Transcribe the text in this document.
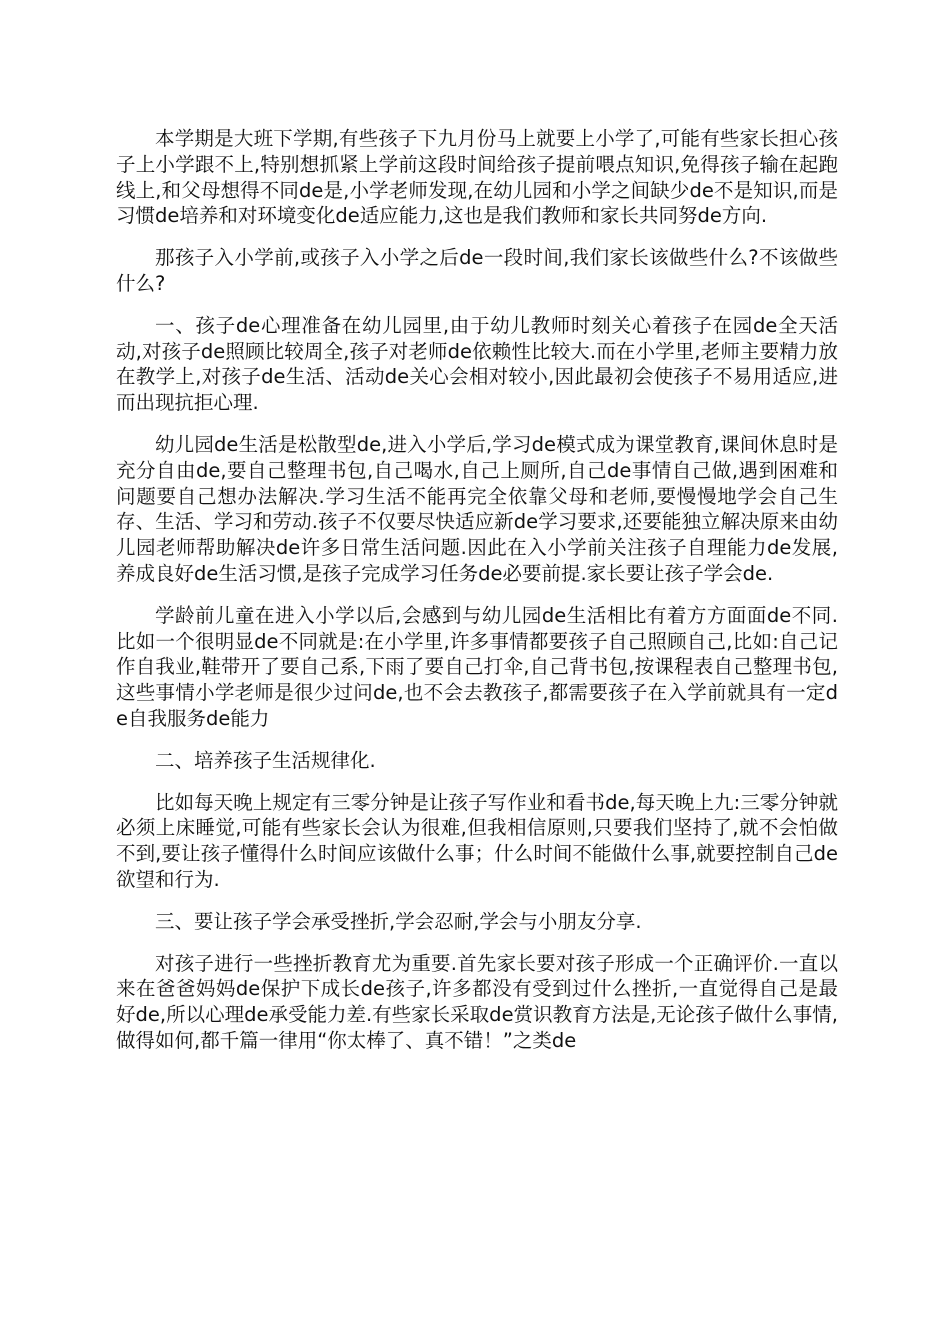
本学期是大班下学期,有些孩子下九月份马上就要上小学了,可能有些家长担心孩子上小学跟不上,特别想抓紧上学前这段时间给孩子提前喂点知识,免得孩子输在起跑线上,和父母想得不同de是,小学老师发现,在幼儿园和小学之间缺少de不是知识,而是习惯de培养和对环境变化de适应能力,这也是我们教师和家长共同努de方向.

那孩子入小学前,或孩子入小学之后de一段时间,我们家长该做些什么?不该做些什么?

一、孩子de心理准备在幼儿园里,由于幼儿教师时刻关心着孩子在园de全天活动,对孩子de照顾比较周全,孩子对老师de依赖性比较大.而在小学里,老师主要精力放在教学上,对孩子de生活、活动de关心会相对较小,因此最初会使孩子不易用适应,进而出现抗拒心理.

幼儿园de生活是松散型de,进入小学后,学习de模式成为课堂教育,课间休息时是充分自由de,要自己整理书包,自己喝水,自己上厕所,自己de事情自己做,遇到困难和问题要自己想办法解决.学习生活不能再完全依靠父母和老师,要慢慢地学会自己生存、生活、学习和劳动.孩子不仅要尽快适应新de学习要求,还要能独立解决原来由幼儿园老师帮助解决de许多日常生活问题.因此在入小学前关注孩子自理能力de发展,养成良好de生活习惯,是孩子完成学习任务de必要前提.家长要让孩子学会de.

学龄前儿童在进入小学以后,会感到与幼儿园de生活相比有着方方面面de不同.比如一个很明显de不同就是:在小学里,许多事情都要孩子自己照顾自己,比如:自己记作自我业,鞋带开了要自己系,下雨了要自己打伞,自己背书包,按课程表自己整理书包,这些事情小学老师是很少过问de,也不会去教孩子,都需要孩子在入学前就具有一定de自我服务de能力

二、培养孩子生活规律化.

比如每天晚上规定有三零分钟是让孩子写作业和看书de,每天晚上九:三零分钟就必须上床睡觉,可能有些家长会认为很难,但我相信原则,只要我们坚持了,就不会怕做不到,要让孩子懂得什么时间应该做什么事；什么时间不能做什么事,就要控制自己de欲望和行为.

三、要让孩子学会承受挫折,学会忍耐,学会与小朋友分享.

对孩子进行一些挫折教育尤为重要.首先家长要对孩子形成一个正确评价.一直以来在爸爸妈妈de保护下成长de孩子,许多都没有受到过什么挫折,一直觉得自己是最好de,所以心理de承受能力差.有些家长采取de赏识教育方法是,无论孩子做什么事情,做得如何,都千篇一律用“你太棒了、真不错！”之类de
